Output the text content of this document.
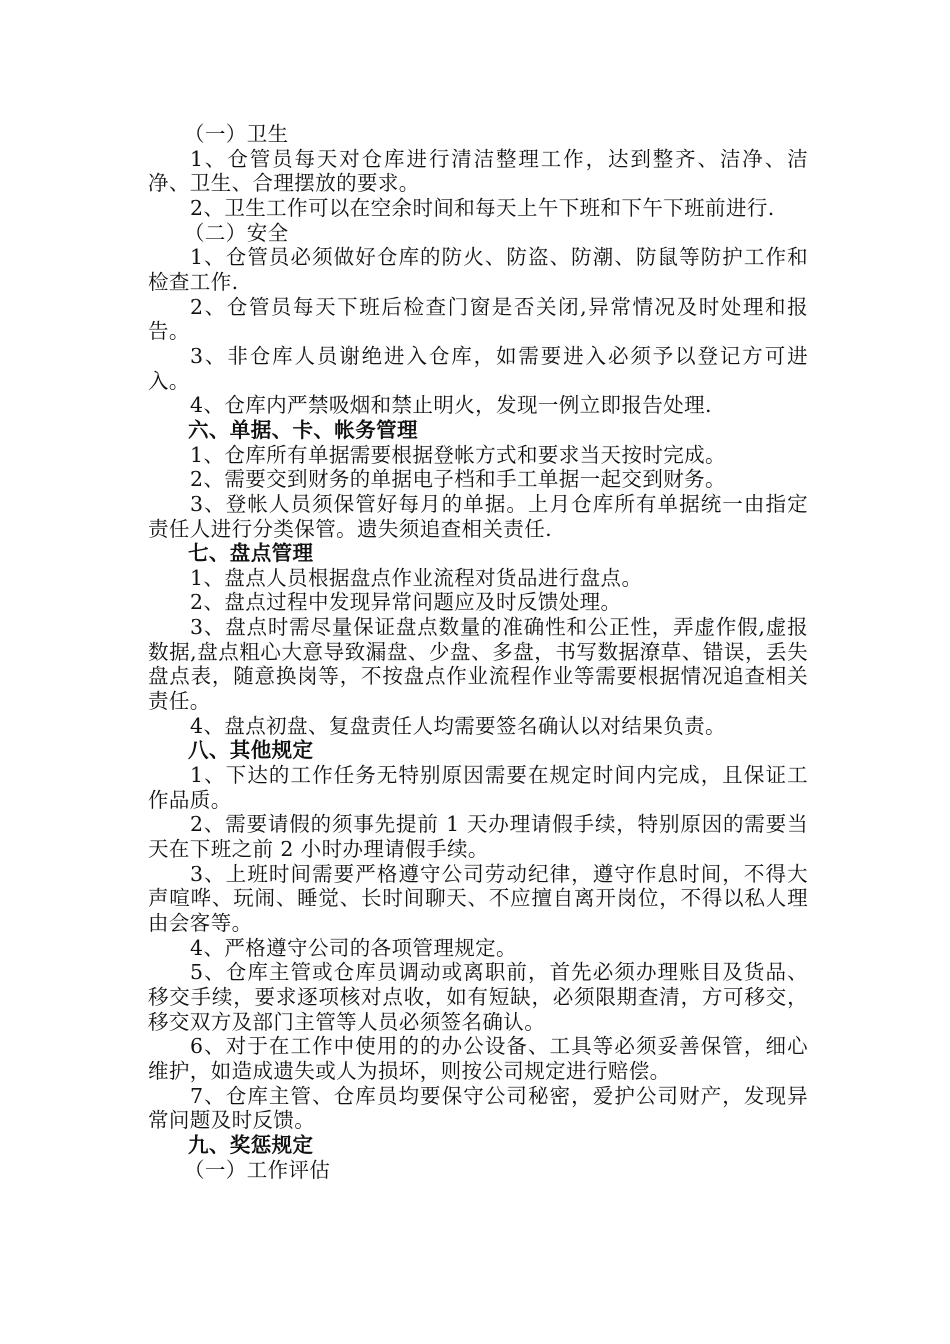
（一）卫生

1、仓管员每天对仓库进行清洁整理工作，达到整齐、洁净、洁净、卫生、合理摆放的要求。

2、卫生工作可以在空余时间和每天上午下班和下午下班前进行.

（二）安全

1、仓管员必须做好仓库的防火、防盗、防潮、防鼠等防护工作和检查工作.

2、仓管员每天下班后检查门窗是否关闭,异常情况及时处理和报告。

3、非仓库人员谢绝进入仓库，如需要进入必须予以登记方可进入。

4、仓库内严禁吸烟和禁止明火，发现一例立即报告处理.

六、单据、卡、帐务管理

1、仓库所有单据需要根据登帐方式和要求当天按时完成。

2、需要交到财务的单据电子档和手工单据一起交到财务。

3、登帐人员须保管好每月的单据。上月仓库所有单据统一由指定责任人进行分类保管。遗失须追查相关责任.

七、盘点管理

1、盘点人员根据盘点作业流程对货品进行盘点。

2、盘点过程中发现异常问题应及时反馈处理。

3、盘点时需尽量保证盘点数量的准确性和公正性，弄虚作假,虚报数据,盘点粗心大意导致漏盘、少盘、多盘，书写数据潦草、错误，丢失盘点表，随意换岗等，不按盘点作业流程作业等需要根据情况追查相关责任。

4、盘点初盘、复盘责任人均需要签名确认以对结果负责。

八、其他规定

1、下达的工作任务无特别原因需要在规定时间内完成，且保证工作品质。

2、需要请假的须事先提前 1 天办理请假手续，特别原因的需要当天在下班之前 2 小时办理请假手续。

3、上班时间需要严格遵守公司劳动纪律，遵守作息时间，不得大声喧哗、玩闹、睡觉、长时间聊天、不应擅自离开岗位，不得以私人理由会客等。

4、严格遵守公司的各项管理规定。

5、仓库主管或仓库员调动或离职前，首先必须办理账目及货品、移交手续，要求逐项核对点收，如有短缺，必须限期查清，方可移交，移交双方及部门主管等人员必须签名确认。

6、对于在工作中使用的的办公设备、工具等必须妥善保管，细心维护，如造成遗失或人为损坏，则按公司规定进行赔偿。

7、仓库主管、仓库员均要保守公司秘密，爱护公司财产，发现异常问题及时反馈。

九、奖惩规定

（一）工作评估
